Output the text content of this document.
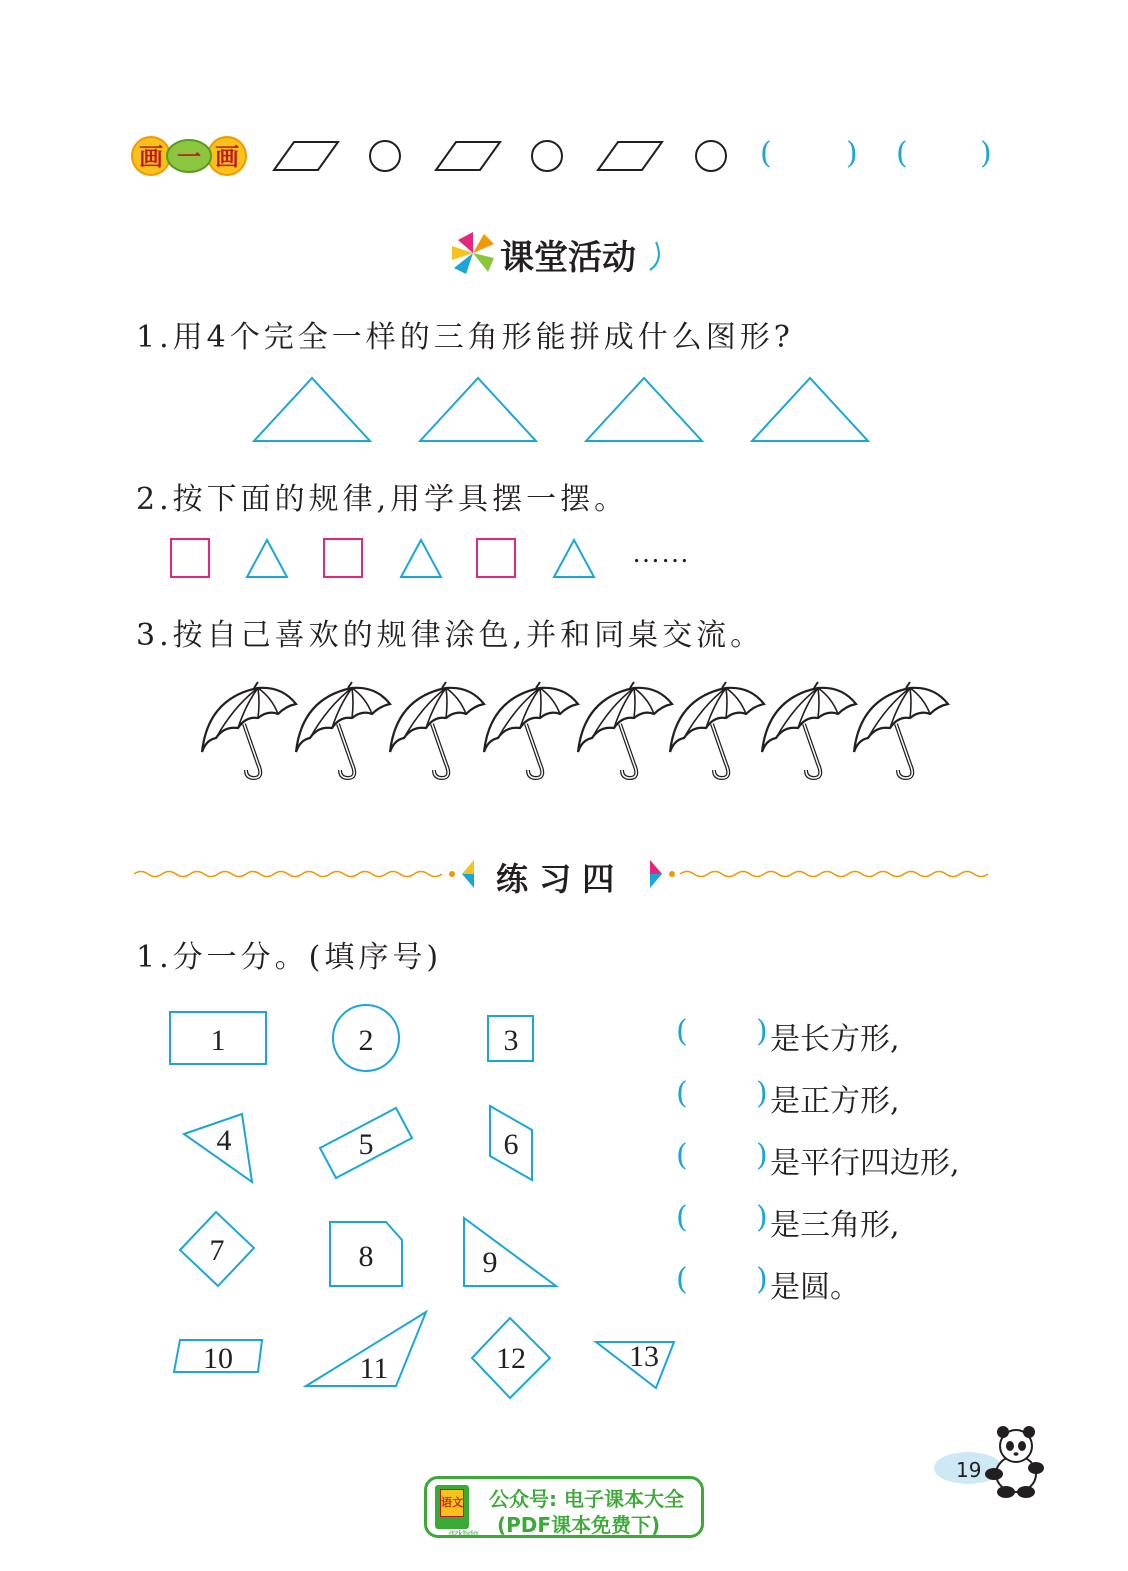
画 一 画	( ) ( )
课堂活动
1.用4个完全一样的三角形能拼成什么图形?
2.按下面的规律,用学具摆一摆。
……
3.按自己喜欢的规律涂色,并和同桌交流。
练 习 四
1.分一分。(填序号)
1	2	3
4	5	6
7	8	9
10	11	12	13
( ) 是长方形,
( ) 是正方形,
( ) 是平行四边形,
( ) 是三角形,
( ) 是圆。
19
语文
dzkbdq
公众号: 电子课本大全
(PDF课本免费下)
